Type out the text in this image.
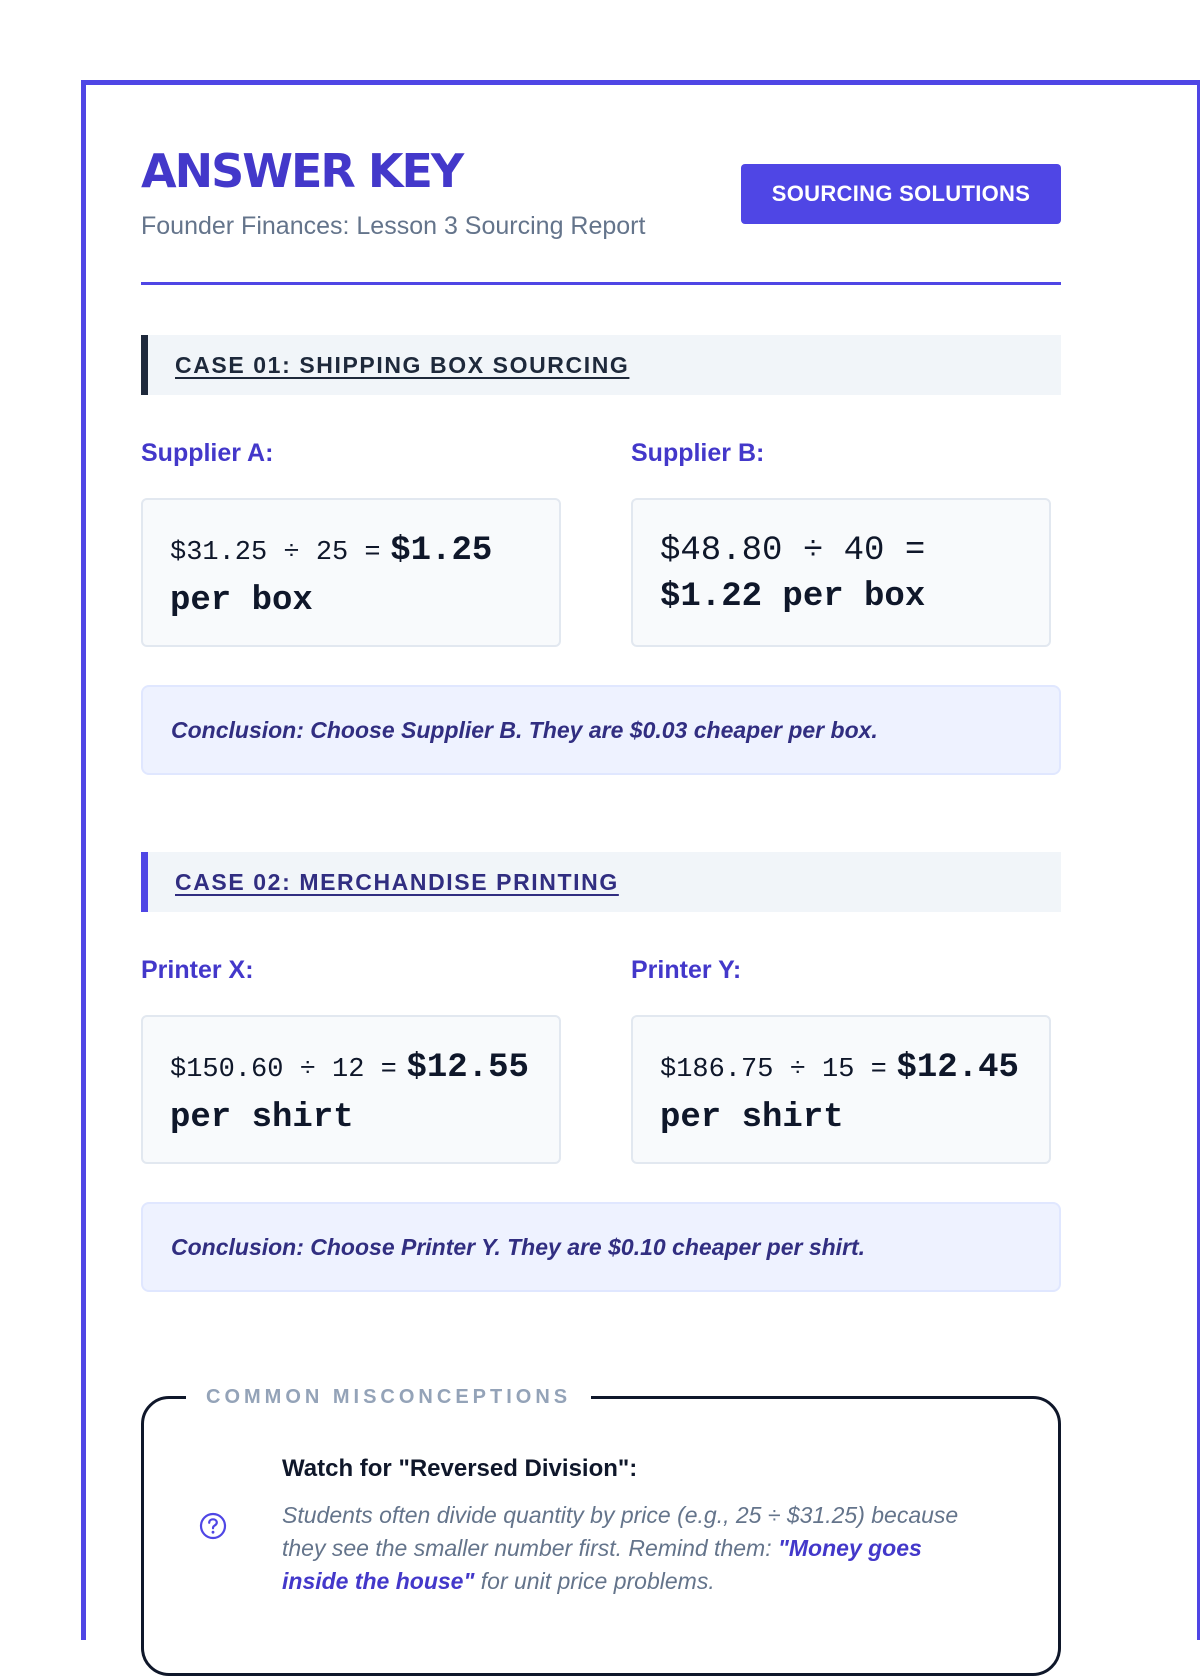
ANSWER KEY
Founder Finances: Lesson 3 Sourcing Report
SOURCING SOLUTIONS
CASE 01: SHIPPING BOX SOURCING
Supplier A:	Supplier B:
$31.25 ÷ 25 = $1.25
per box
$48.80 ÷ 40 =
$1.22 per box
Conclusion: Choose Supplier B. They are $0.03 cheaper per box.
CASE 02: MERCHANDISE PRINTING
Printer X:	Printer Y:
$150.60 ÷ 12 = $12.55
per shirt
$186.75 ÷ 15 = $12.45
per shirt
Conclusion: Choose Printer Y. They are $0.10 cheaper per shirt.
COMMON MISCONCEPTIONS
Watch for "Reversed Division":
Students often divide quantity by price (e.g., 25 ÷ $31.25) because they see the smaller number first. Remind them: "Money goes inside the house" for unit price problems.
